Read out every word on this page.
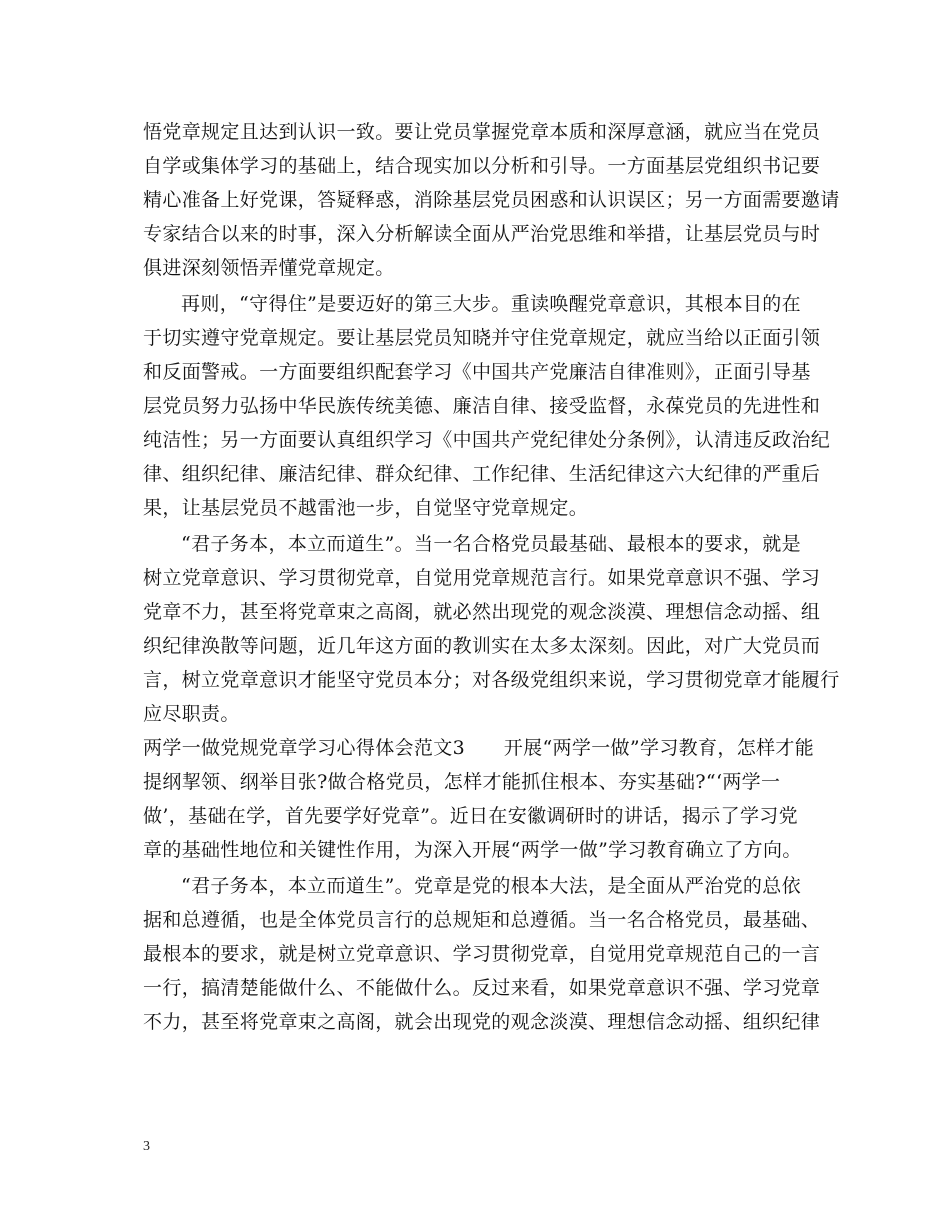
悟党章规定且达到认识一致。要让党员掌握党章本质和深厚意涵，就应当在党员
自学或集体学习的基础上，结合现实加以分析和引导。一方面基层党组织书记要
精心准备上好党课，答疑释惑，消除基层党员困惑和认识误区；另一方面需要邀请
专家结合以来的时事，深入分析解读全面从严治党思维和举措，让基层党员与时
俱进深刻领悟弄懂党章规定。
再则，“守得住”是要迈好的第三大步。重读唤醒党章意识，其根本目的在
于切实遵守党章规定。要让基层党员知晓并守住党章规定，就应当给以正面引领
和反面警戒。一方面要组织配套学习《中国共产党廉洁自律准则》，正面引导基
层党员努力弘扬中华民族传统美德、廉洁自律、接受监督，永葆党员的先进性和
纯洁性；另一方面要认真组织学习《中国共产党纪律处分条例》，认清违反政治纪
律、组织纪律、廉洁纪律、群众纪律、工作纪律、生活纪律这六大纪律的严重后
果，让基层党员不越雷池一步，自觉坚守党章规定。
“君子务本，本立而道生”。当一名合格党员最基础、最根本的要求，就是
树立党章意识、学习贯彻党章，自觉用党章规范言行。如果党章意识不强、学习
党章不力，甚至将党章束之高阁，就必然出现党的观念淡漠、理想信念动摇、组
织纪律涣散等问题，近几年这方面的教训实在太多太深刻。因此，对广大党员而
言，树立党章意识才能坚守党员本分；对各级党组织来说，学习贯彻党章才能履行
应尽职责。
两学一做党规党章学习心得体会范文3　　开展“两学一做”学习教育，怎样才能
提纲挈领、纲举目张?做合格党员，怎样才能抓住根本、夯实基础?“‘两学一
做’，基础在学，首先要学好党章”。近日在安徽调研时的讲话，揭示了学习党
章的基础性地位和关键性作用，为深入开展“两学一做”学习教育确立了方向。
“君子务本，本立而道生”。党章是党的根本大法，是全面从严治党的总依
据和总遵循，也是全体党员言行的总规矩和总遵循。当一名合格党员，最基础、
最根本的要求，就是树立党章意识、学习贯彻党章，自觉用党章规范自己的一言
一行，搞清楚能做什么、不能做什么。反过来看，如果党章意识不强、学习党章
不力，甚至将党章束之高阁，就会出现党的观念淡漠、理想信念动摇、组织纪律
3
